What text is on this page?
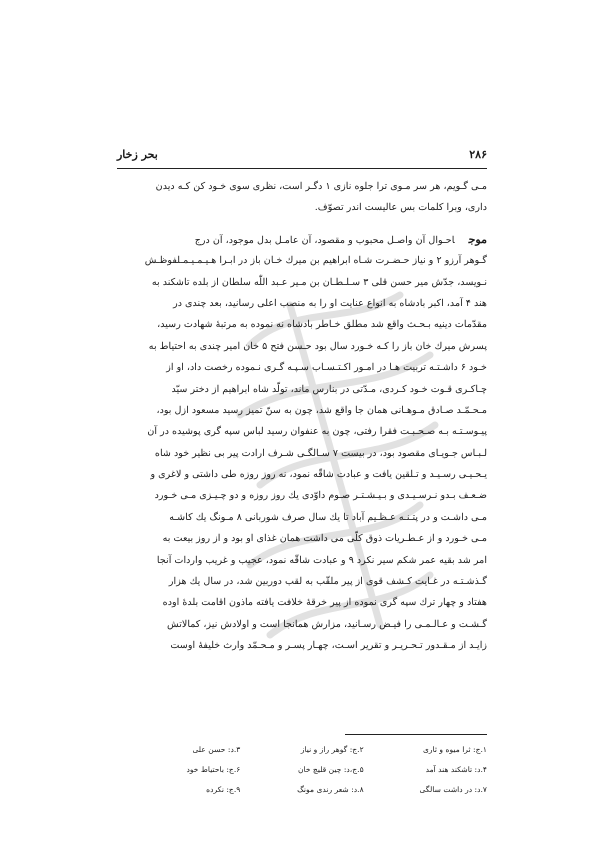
۲۸۶
بحر زخار
مـی گـویم، هر سر مـوی ترا جلوه نازی ۱ دگـر است، نظری سوی خـود کن کـه دیدن
داری، وبرا کلمات بس عالیست اندر تصوّف.
موجاحـوال آن واصـل محبوب و مقصود، آن عامـل بدل موجود، آن درج
گـوهر آرزو ۲ و نیاز حـضـرت شـاه ابراهیم بن میرك خـان باز در ابـرا هـیـمـیـمـلفوظـش
نـویسد، جدّش میر حسن قلی ۳ سـلـطـان بن مـیر عـبد اللّٰه سلطان از بلده تاشکند به
هند ۴ آمد، اکبر بادشاه به انواع عنایت او را به منصب اعلی رسانید، بعد چندی در
مقدّمات دینیه بـحـث واقع شد مطلق خـاطر بادشاه نه نموده به مرتبهٔ شهادت رسید،
پسرش میرك خان باز را کـه خـورد سال بود حـسن فتح ۵ خان امیر چندی به احتیاط به
خـود ۶ داشـتـه تربیت هـا در امـور اکـتـسـاب سـپـه گـری نـموده رخصت داد، او از
چـاکـری قـوت خـود کـردی، مـدّتی در بنارس ماند، تولّد شاه ابراهیم از دختر سیّد
مـحـمّـد صـادق مـوهـانی همان جا واقع شد، چون به سنّ تمیز رسید مسعود ازل بود،
پیـوسـتـه بـه صـحـبـت فقرا رفتی، چون به عنفوان رسید لباس سپه گری پوشیده در آن
لـبـاس جـویـای مقصود بود، در بیست ۷ سـالگـی شـرف ارادت پیر بی نظیر خود شاه
یـحـیـی رسـیـد و تـلقین یافت و عبادت شاقّه نمود، نه روز روزه طی داشتی و لاغری و
ضـعـف بـدو نـرسـیـدی و بـیـشـتـر صـوم داوّدی یك روز روزه و دو چـیـزی مـی خـورد
مـی داشـت و در پتـنـه عـظـیم آباد تا یك سال صرف شوربانی ۸ مـونگ یك کاشـه
مـی خـورد و از عـطـریات ذوق کلّی می داشت همان غذای او بود و از روز بیعت به
امر شد بقیه عمر شکم سیر نکرد ۹ و عبادت شاقّه نمود، عجیب و غریب واردات آنجا
گـذشـتـه در غـایت کـشف قوی از پیر ملقّب به لقب دوربین شد، در سال یك هزار
هفتاد و چهار ترك سپه گری نموده از پیر خرقهٔ خلافت یافته ماذون اقامت بلدهٔ اوده
گـشـت و عـالـمـی را فیـض رسـانید، مزارش همانجا است و اولادش نیز، کمالاتش
زایـد از مـقـدور تـحـریـر و تقریر اسـت، چهـار پسـر و مـحـمّد وارث خلیفهٔ اوست
۱.ج: ثرا میوه و ثاری
۲.ج: گوهر راز و نیاز
۳.د: حسن علی
۴.د: تاشکند هند آمد
۵.ج،د: چین قلیچ خان
۶.ج: باحتیاط خود
۷.د: در داشت سالگی
۸.د: شعر رندی مونگ
۹.ج: نکرده
